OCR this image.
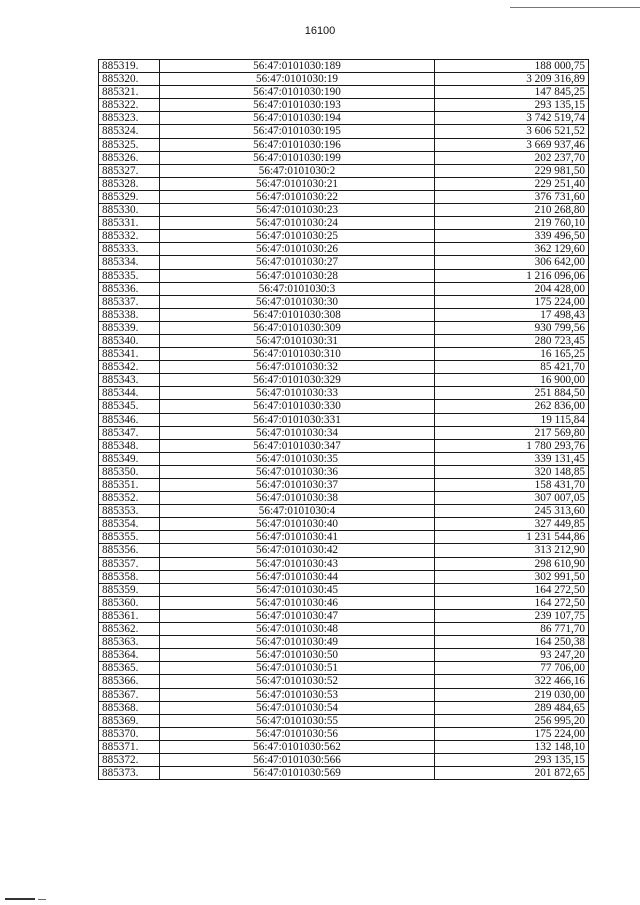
16100
885319.	56:47:0101030:189	188 000,75
885320.	56:47:0101030:19	3 209 316,89
885321.	56:47:0101030:190	147 845,25
885322.	56:47:0101030:193	293 135,15
885323.	56:47:0101030:194	3 742 519,74
885324.	56:47:0101030:195	3 606 521,52
885325.	56:47:0101030:196	3 669 937,46
885326.	56:47:0101030:199	202 237,70
885327.	56:47:0101030:2	229 981,50
885328.	56:47:0101030:21	229 251,40
885329.	56:47:0101030:22	376 731,60
885330.	56:47:0101030:23	210 268,80
885331.	56:47:0101030:24	219 760,10
885332.	56:47:0101030:25	339 496,50
885333.	56:47:0101030:26	362 129,60
885334.	56:47:0101030:27	306 642,00
885335.	56:47:0101030:28	1 216 096,06
885336.	56:47:0101030:3	204 428,00
885337.	56:47:0101030:30	175 224,00
885338.	56:47:0101030:308	17 498,43
885339.	56:47:0101030:309	930 799,56
885340.	56:47:0101030:31	280 723,45
885341.	56:47:0101030:310	16 165,25
885342.	56:47:0101030:32	85 421,70
885343.	56:47:0101030:329	16 900,00
885344.	56:47:0101030:33	251 884,50
885345.	56:47:0101030:330	262 836,00
885346.	56:47:0101030:331	19 115,84
885347.	56:47:0101030:34	217 569,80
885348.	56:47:0101030:347	1 780 293,76
885349.	56:47:0101030:35	339 131,45
885350.	56:47:0101030:36	320 148,85
885351.	56:47:0101030:37	158 431,70
885352.	56:47:0101030:38	307 007,05
885353.	56:47:0101030:4	245 313,60
885354.	56:47:0101030:40	327 449,85
885355.	56:47:0101030:41	1 231 544,86
885356.	56:47:0101030:42	313 212,90
885357.	56:47:0101030:43	298 610,90
885358.	56:47:0101030:44	302 991,50
885359.	56:47:0101030:45	164 272,50
885360.	56:47:0101030:46	164 272,50
885361.	56:47:0101030:47	239 107,75
885362.	56:47:0101030:48	86 771,70
885363.	56:47:0101030:49	164 250,38
885364.	56:47:0101030:50	93 247,20
885365.	56:47:0101030:51	77 706,00
885366.	56:47:0101030:52	322 466,16
885367.	56:47:0101030:53	219 030,00
885368.	56:47:0101030:54	289 484,65
885369.	56:47:0101030:55	256 995,20
885370.	56:47:0101030:56	175 224,00
885371.	56:47:0101030:562	132 148,10
885372.	56:47:0101030:566	293 135,15
885373.	56:47:0101030:569	201 872,65
